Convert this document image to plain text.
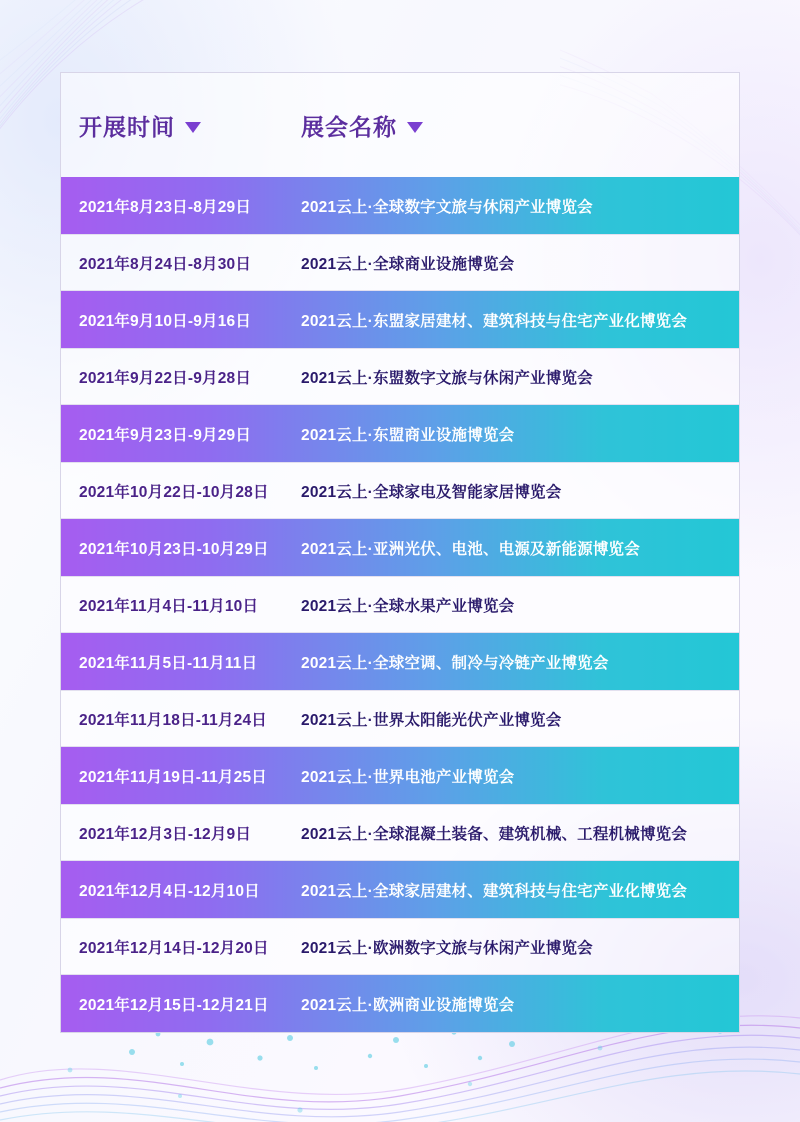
开展时间	展会名称
2021年8月23日-8月29日	2021云上·全球数字文旅与休闲产业博览会
2021年8月24日-8月30日	2021云上·全球商业设施博览会
2021年9月10日-9月16日	2021云上·东盟家居建材、建筑科技与住宅产业化博览会
2021年9月22日-9月28日	2021云上·东盟数字文旅与休闲产业博览会
2021年9月23日-9月29日	2021云上·东盟商业设施博览会
2021年10月22日-10月28日	2021云上·全球家电及智能家居博览会
2021年10月23日-10月29日	2021云上·亚洲光伏、电池、电源及新能源博览会
2021年11月4日-11月10日	2021云上·全球水果产业博览会
2021年11月5日-11月11日	2021云上·全球空调、制冷与冷链产业博览会
2021年11月18日-11月24日	2021云上·世界太阳能光伏产业博览会
2021年11月19日-11月25日	2021云上·世界电池产业博览会
2021年12月3日-12月9日	2021云上·全球混凝土装备、建筑机械、工程机械博览会
2021年12月4日-12月10日	2021云上·全球家居建材、建筑科技与住宅产业化博览会
2021年12月14日-12月20日	2021云上·欧洲数字文旅与休闲产业博览会
2021年12月15日-12月21日	2021云上·欧洲商业设施博览会
